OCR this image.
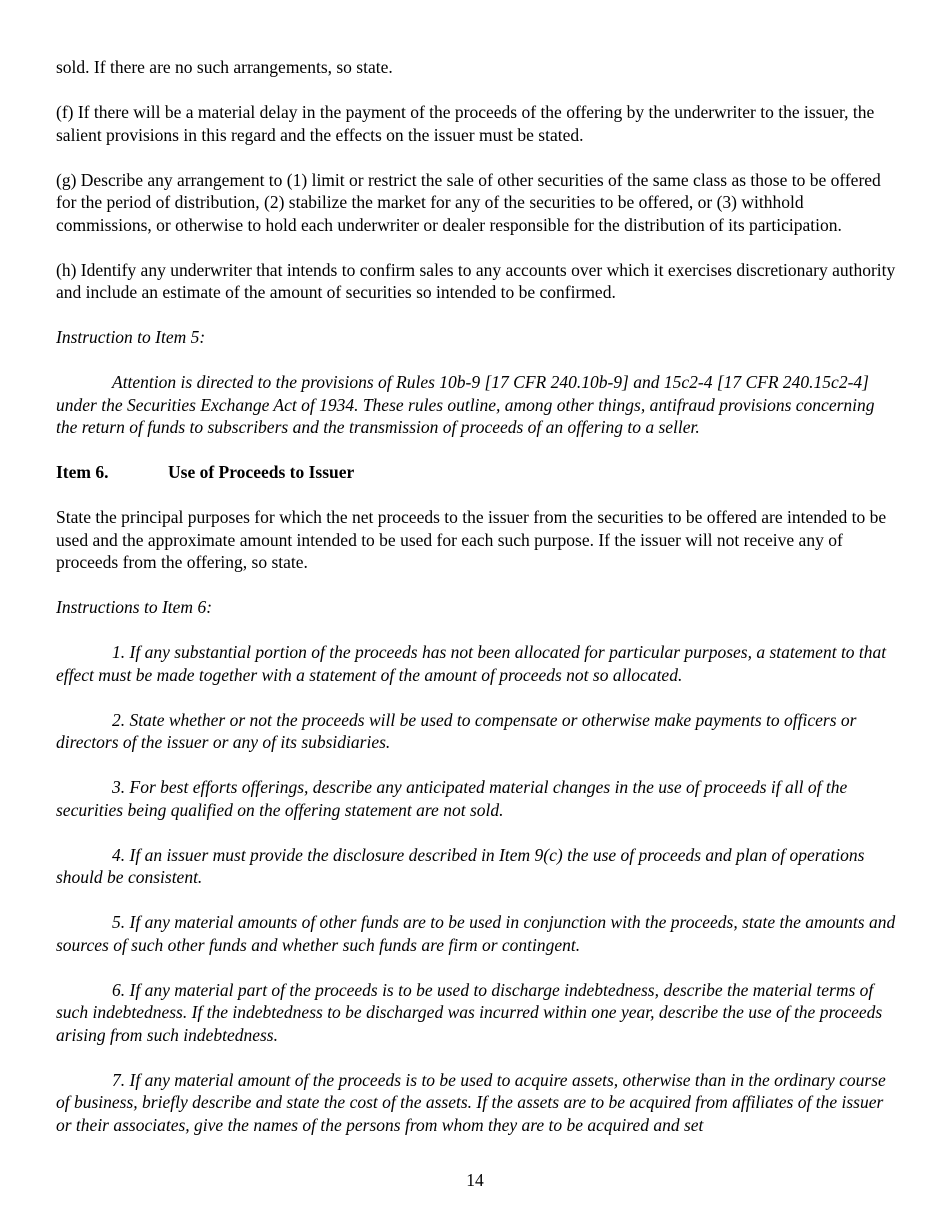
sold. If there are no such arrangements, so state.

(f) If there will be a material delay in the payment of the proceeds of the offering by the underwriter to the issuer, the salient provisions in this regard and the effects on the issuer must be stated.

(g) Describe any arrangement to (1) limit or restrict the sale of other securities of the same class as those to be offered for the period of distribution, (2) stabilize the market for any of the securities to be offered, or (3) withhold commissions, or otherwise to hold each underwriter or dealer responsible for the distribution of its participation.

(h) Identify any underwriter that intends to confirm sales to any accounts over which it exercises discretionary authority and include an estimate of the amount of securities so intended to be confirmed.

Instruction to Item 5:

Attention is directed to the provisions of Rules 10b-9 [17 CFR 240.10b-9] and 15c2-4 [17 CFR 240.15c2-4] under the Securities Exchange Act of 1934. These rules outline, among other things, antifraud provisions concerning the return of funds to subscribers and the transmission of proceeds of an offering to a seller.

Item 6.	Use of Proceeds to Issuer

State the principal purposes for which the net proceeds to the issuer from the securities to be offered are intended to be used and the approximate amount intended to be used for each such purpose. If the issuer will not receive any of proceeds from the offering, so state.

Instructions to Item 6:

1. If any substantial portion of the proceeds has not been allocated for particular purposes, a statement to that effect must be made together with a statement of the amount of proceeds not so allocated.

2. State whether or not the proceeds will be used to compensate or otherwise make payments to officers or directors of the issuer or any of its subsidiaries.

3. For best efforts offerings, describe any anticipated material changes in the use of proceeds if all of the securities being qualified on the offering statement are not sold.

4. If an issuer must provide the disclosure described in Item 9(c) the use of proceeds and plan of operations should be consistent.

5. If any material amounts of other funds are to be used in conjunction with the proceeds, state the amounts and sources of such other funds and whether such funds are firm or contingent.

6. If any material part of the proceeds is to be used to discharge indebtedness, describe the material terms of such indebtedness. If the indebtedness to be discharged was incurred within one year, describe the use of the proceeds arising from such indebtedness.

7. If any material amount of the proceeds is to be used to acquire assets, otherwise than in the ordinary course of business, briefly describe and state the cost of the assets. If the assets are to be acquired from affiliates of the issuer or their associates, give the names of the persons from whom they are to be acquired and set

14
